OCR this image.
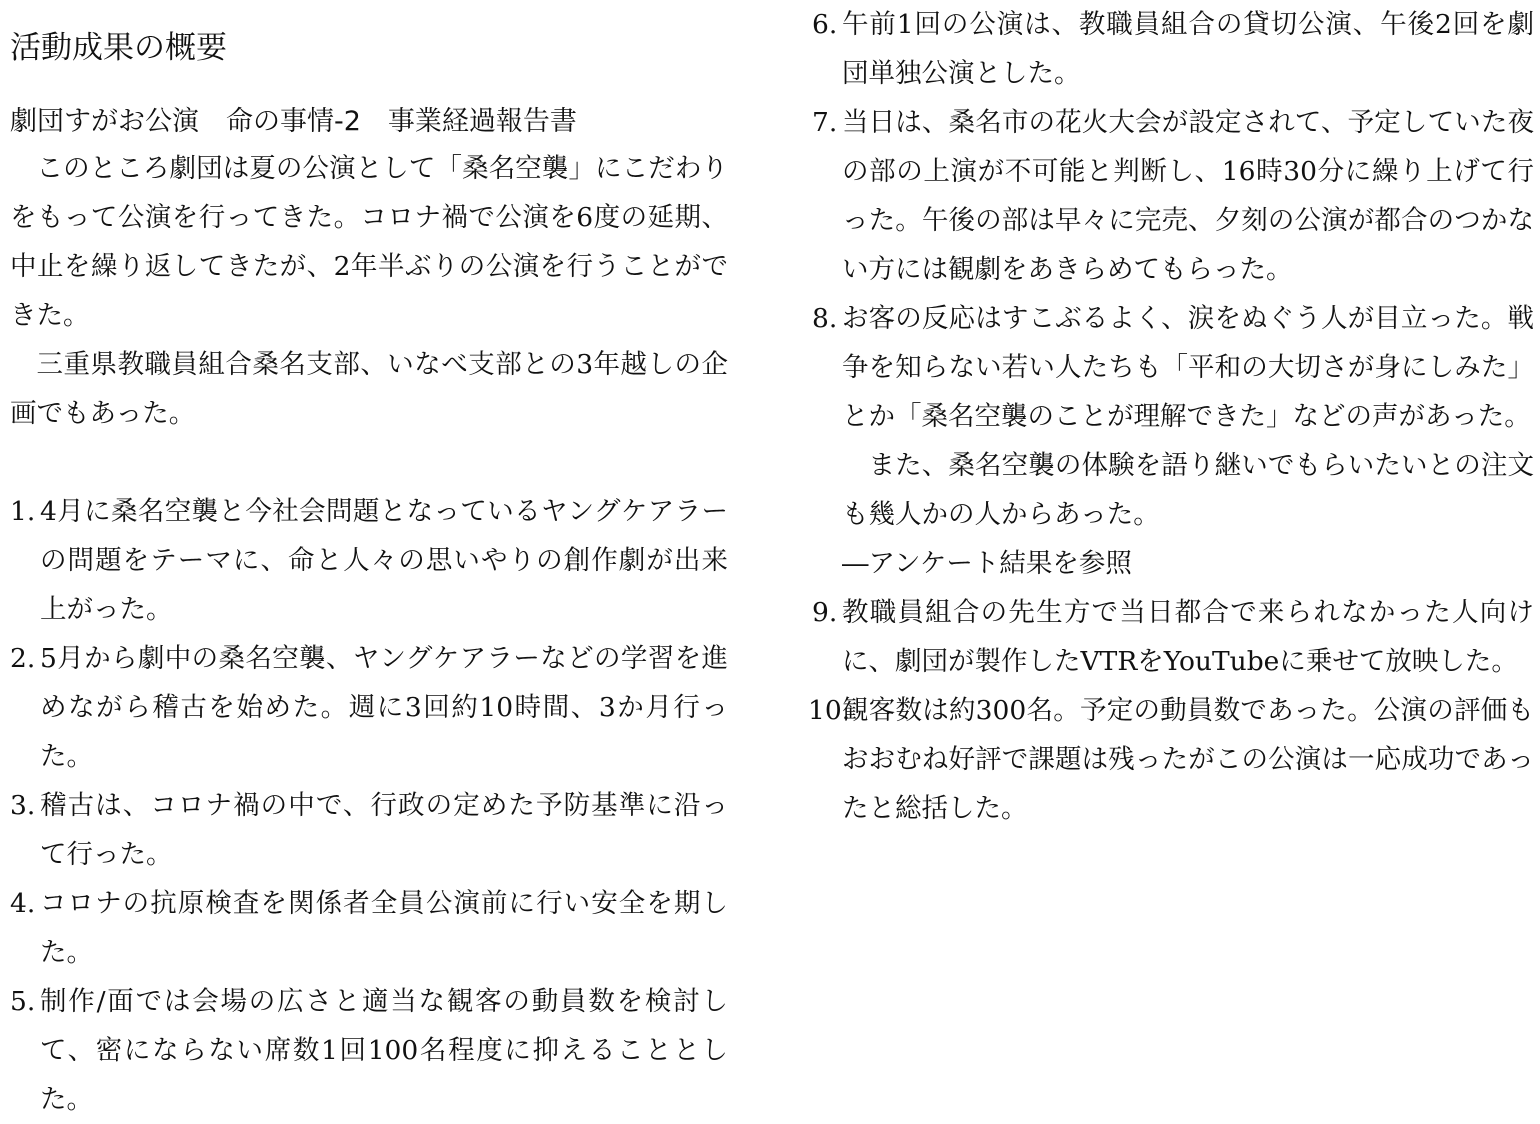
活動成果の概要
劇団すがお公演　命の事情-2　事業経過報告書

このところ劇団は夏の公演として「桑名空襲」にこだわりをもって公演を行ってきた。コロナ禍で公演を6度の延期、中止を繰り返してきたが、2年半ぶりの公演を行うことができた。

三重県教職員組合桑名支部、いなべ支部との3年越しの企画でもあった。

1. 4月に桑名空襲と今社会問題となっているヤングケアラーの問題をテーマに、命と人々の思いやりの創作劇が出来上がった。
2. 5月から劇中の桑名空襲、ヤングケアラーなどの学習を進めながら稽古を始めた。週に3回約10時間、3か月行った。
3. 稽古は、コロナ禍の中で、行政の定めた予防基準に沿って行った。
4. コロナの抗原検査を関係者全員公演前に行い安全を期した。
5. 制作/面では会場の広さと適当な観客の動員数を検討して、密にならない席数1回100名程度に抑えることとした。
6. 午前1回の公演は、教職員組合の貸切公演、午後2回を劇団単独公演とした。
7. 当日は、桑名市の花火大会が設定されて、予定していた夜の部の上演が不可能と判断し、16時30分に繰り上げて行った。午後の部は早々に完売、夕刻の公演が都合のつかない方には観劇をあきらめてもらった。
8. お客の反応はすこぶるよく、涙をぬぐう人が目立った。戦争を知らない若い人たちも「平和の大切さが身にしみた」とか「桑名空襲のことが理解できた」などの声があった。
また、桑名空襲の体験を語り継いでもらいたいとの注文も幾人かの人からあった。
―アンケート結果を参照
9. 教職員組合の先生方で当日都合で来られなかった人向けに、劇団が製作したVTRをYouTubeに乗せて放映した。
10.
観客数は約300名。予定の動員数であった。公演の評価もおおむね好評で課題は残ったがこの公演は一応成功であったと総括した。
